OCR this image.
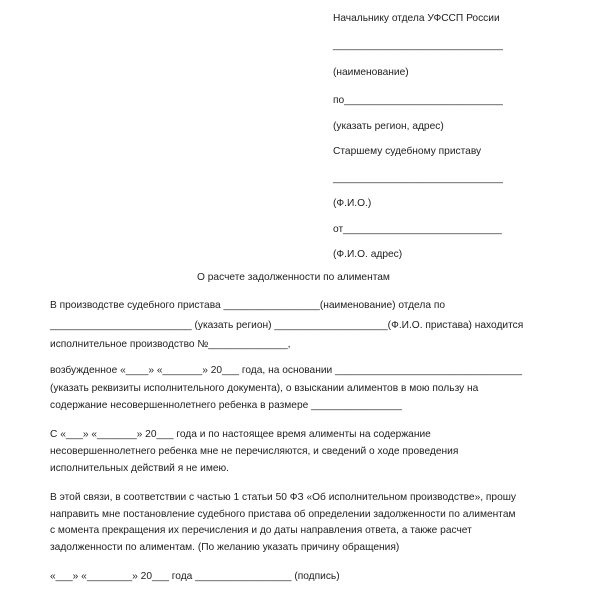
Начальнику отдела УФССП России
______________________________
(наименование)
по____________________________
(указать регион, адрес)
Старшему судебному приставу
______________________________
(Ф.И.О.)
от____________________________
(Ф.И.О. адрес)
О расчете задолженности по алиментам
В производстве судебного пристава _________________(наименование) отдела по
_________________________ (указать регион) ____________________(Ф.И.О. пристава) находится
исполнительное производство №______________,
возбужденное «____» «_______» 20___ года, на основании _________________________________
(указать реквизиты исполнительного документа), о взыскании алиментов в мою пользу на
содержание несовершеннолетнего ребенка в размере ________________
С «___» «_______» 20___ года и по настоящее время алименты на содержание
несовершеннолетнего ребенка мне не перечисляются, и сведений о ходе проведения
исполнительных действий я не имею.
В этой связи, в соответствии с частью 1 статьи 50 ФЗ «Об исполнительном производстве», прошу
направить мне постановление судебного пристава об определении задолженности по алиментам
с момента прекращения их перечисления и до даты направления ответа, а также расчет
задолженности по алиментам. (По желанию указать причину обращения)
«___» «________» 20___ года _________________ (подпись)
